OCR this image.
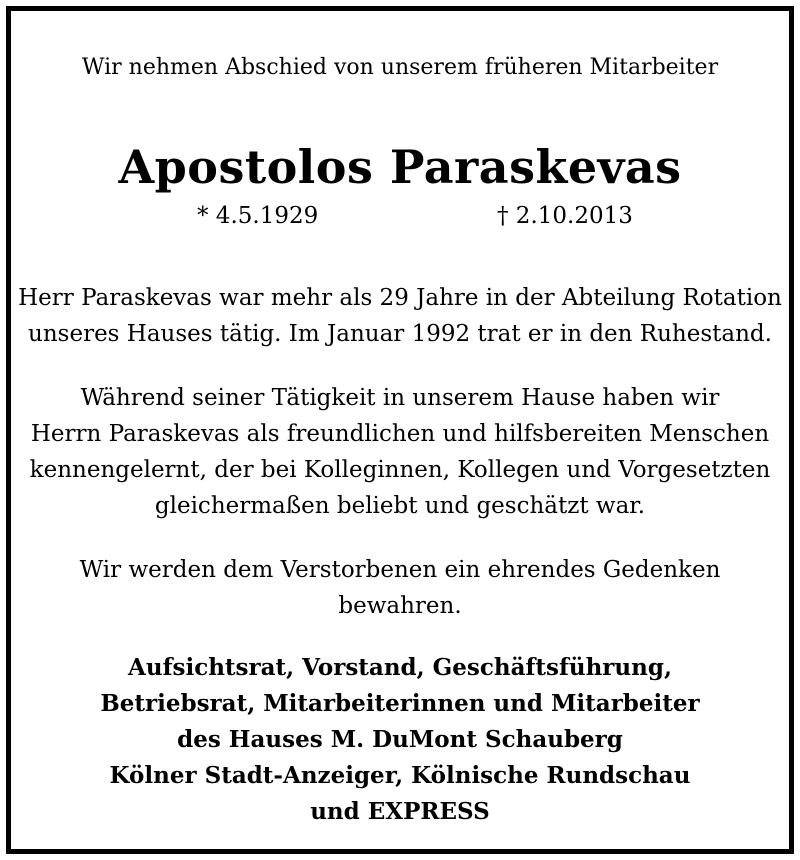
Wir nehmen Abschied von unserem früheren Mitarbeiter
Apostolos Paraskevas
* 4.5.1929	† 2.10.2013
Herr Paraskevas war mehr als 29 Jahre in der Abteilung Rotation
unseres Hauses tätig. Im Januar 1992 trat er in den Ruhestand.
Während seiner Tätigkeit in unserem Hause haben wir
Herrn Paraskevas als freundlichen und hilfsbereiten Menschen
kennengelernt, der bei Kolleginnen, Kollegen und Vorgesetzten
gleichermaßen beliebt und geschätzt war.
Wir werden dem Verstorbenen ein ehrendes Gedenken
bewahren.
Aufsichtsrat, Vorstand, Geschäftsführung,
Betriebsrat, Mitarbeiterinnen und Mitarbeiter
des Hauses M. DuMont Schauberg
Kölner Stadt-Anzeiger, Kölnische Rundschau
und EXPRESS
